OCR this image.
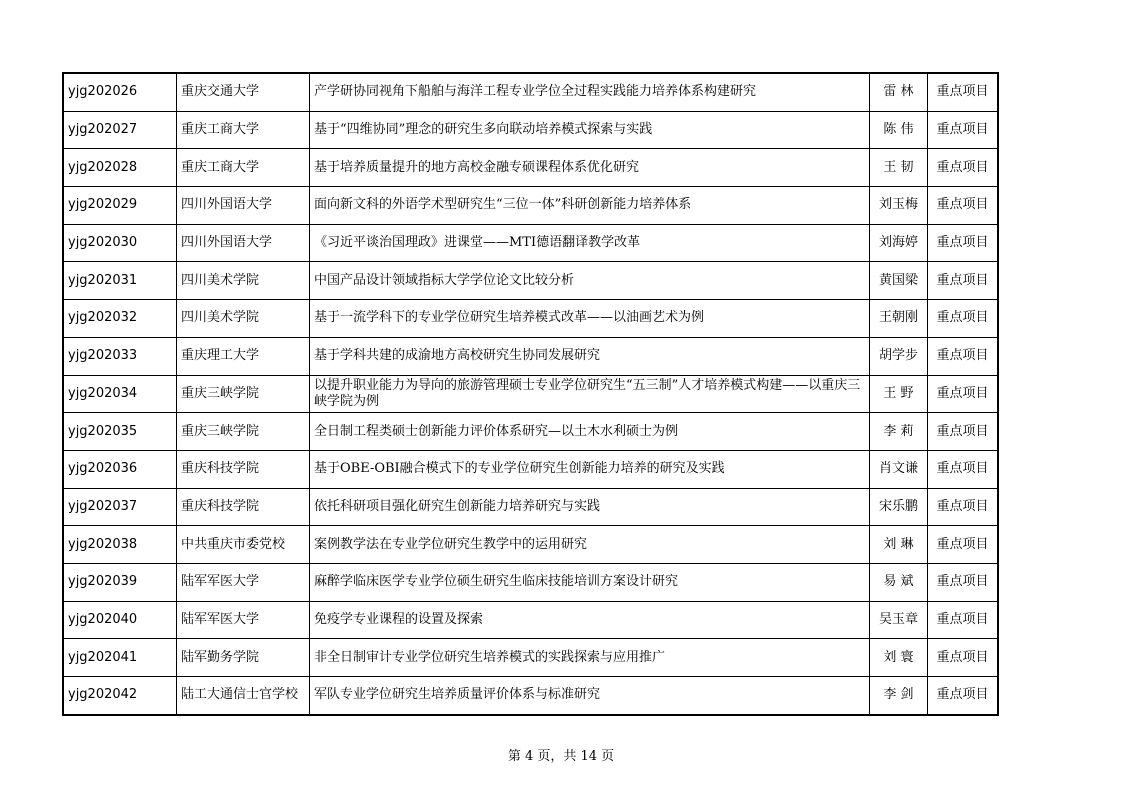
yjg202026	重庆交通大学	产学研协同视角下船舶与海洋工程专业学位全过程实践能力培养体系构建研究	雷 林	重点项目
yjg202027	重庆工商大学	基于“四维协同”理念的研究生多向联动培养模式探索与实践	陈 伟	重点项目
yjg202028	重庆工商大学	基于培养质量提升的地方高校金融专硕课程体系优化研究	王 韧	重点项目
yjg202029	四川外国语大学	面向新文科的外语学术型研究生“三位一体”科研创新能力培养体系	刘玉梅	重点项目
yjg202030	四川外国语大学	《习近平谈治国理政》进课堂——MTI德语翻译教学改革	刘海婷	重点项目
yjg202031	四川美术学院	中国产品设计领域指标大学学位论文比较分析	黄国梁	重点项目
yjg202032	四川美术学院	基于一流学科下的专业学位研究生培养模式改革——以油画艺术为例	王朝刚	重点项目
yjg202033	重庆理工大学	基于学科共建的成渝地方高校研究生协同发展研究	胡学步	重点项目
yjg202034	重庆三峡学院	以提升职业能力为导向的旅游管理硕士专业学位研究生“五三制”人才培养模式构建——以重庆三峡学院为例	王 野	重点项目
yjg202035	重庆三峡学院	全日制工程类硕士创新能力评价体系研究—以土木水利硕士为例	李 莉	重点项目
yjg202036	重庆科技学院	基于OBE-OBI融合模式下的专业学位研究生创新能力培养的研究及实践	肖文谦	重点项目
yjg202037	重庆科技学院	依托科研项目强化研究生创新能力培养研究与实践	宋乐鹏	重点项目
yjg202038	中共重庆市委党校	案例教学法在专业学位研究生教学中的运用研究	刘 琳	重点项目
yjg202039	陆军军医大学	麻醉学临床医学专业学位硕生研究生临床技能培训方案设计研究	易 斌	重点项目
yjg202040	陆军军医大学	免疫学专业课程的设置及探索	吴玉章	重点项目
yjg202041	陆军勤务学院	非全日制审计专业学位研究生培养模式的实践探索与应用推广	刘 寰	重点项目
yjg202042	陆工大通信士官学校	军队专业学位研究生培养质量评价体系与标准研究	李 剑	重点项目
第 4 页，共 14 页
